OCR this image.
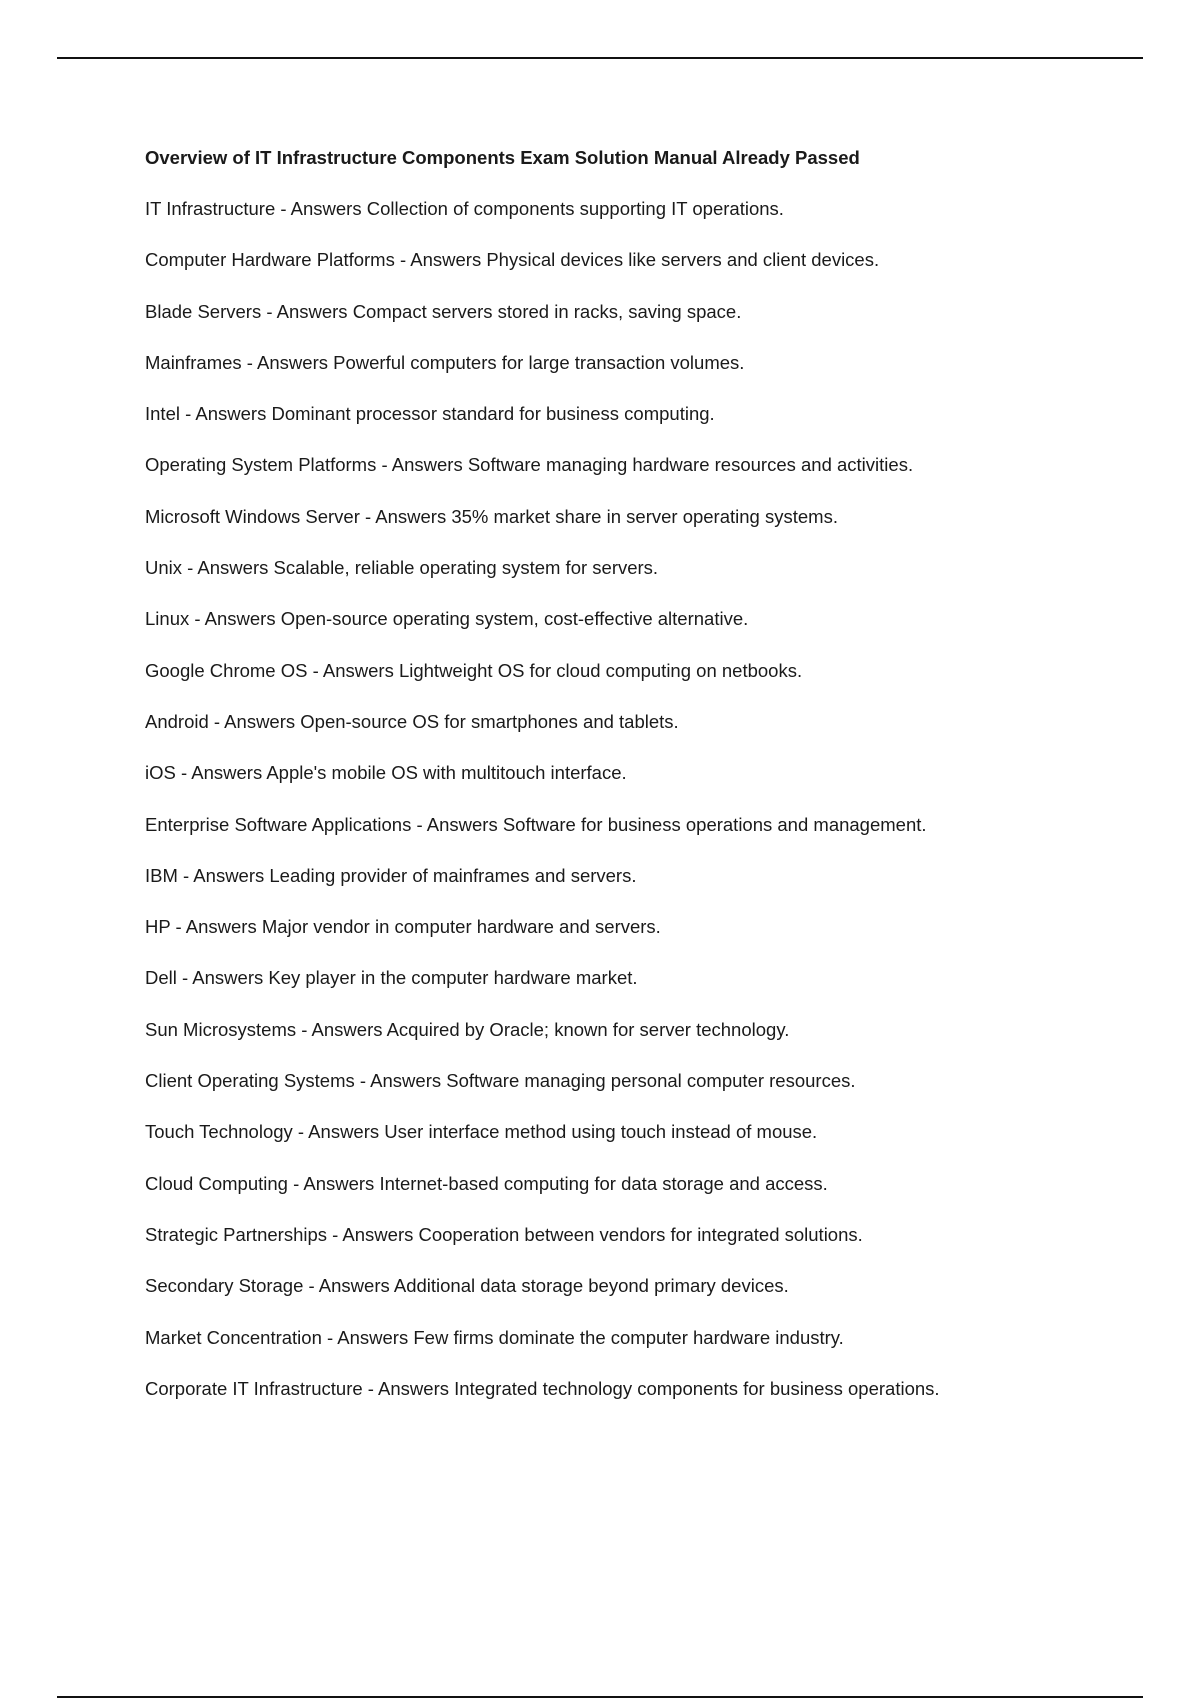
Overview of IT Infrastructure Components Exam Solution Manual Already Passed
IT Infrastructure - Answers Collection of components supporting IT operations.
Computer Hardware Platforms - Answers Physical devices like servers and client devices.
Blade Servers - Answers Compact servers stored in racks, saving space.
Mainframes - Answers Powerful computers for large transaction volumes.
Intel - Answers Dominant processor standard for business computing.
Operating System Platforms - Answers Software managing hardware resources and activities.
Microsoft Windows Server - Answers 35% market share in server operating systems.
Unix - Answers Scalable, reliable operating system for servers.
Linux - Answers Open-source operating system, cost-effective alternative.
Google Chrome OS - Answers Lightweight OS for cloud computing on netbooks.
Android - Answers Open-source OS for smartphones and tablets.
iOS - Answers Apple's mobile OS with multitouch interface.
Enterprise Software Applications - Answers Software for business operations and management.
IBM - Answers Leading provider of mainframes and servers.
HP - Answers Major vendor in computer hardware and servers.
Dell - Answers Key player in the computer hardware market.
Sun Microsystems - Answers Acquired by Oracle; known for server technology.
Client Operating Systems - Answers Software managing personal computer resources.
Touch Technology - Answers User interface method using touch instead of mouse.
Cloud Computing - Answers Internet-based computing for data storage and access.
Strategic Partnerships - Answers Cooperation between vendors for integrated solutions.
Secondary Storage - Answers Additional data storage beyond primary devices.
Market Concentration - Answers Few firms dominate the computer hardware industry.
Corporate IT Infrastructure - Answers Integrated technology components for business operations.
